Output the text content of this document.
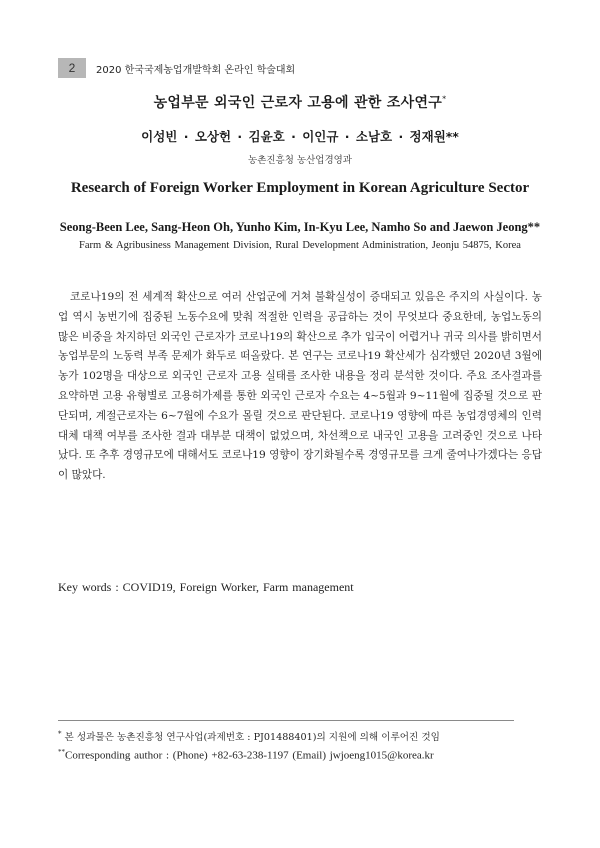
2	2020 한국국제농업개발학회 온라인 학술대회
농업부문 외국인 근로자 고용에 관한 조사연구*
이성빈 · 오상헌 · 김윤호 · 이인규 · 소남호 · 정재원**
농촌진흥청 농산업경영과
Research of Foreign Worker Employment in Korean Agriculture Sector
Seong-Been Lee, Sang-Heon Oh, Yunho Kim, In-Kyu Lee, Namho So and Jaewon Jeong**
Farm & Agribusiness Management Division, Rural Development Administration, Jeonju 54875, Korea

코로나19의 전 세계적 확산으로 여러 산업군에 거쳐 불확실성이 증대되고 있음은 주지의 사실이다. 농업 역시 농번기에 집중된 노동수요에 맞춰 적절한 인력을 공급하는 것이 무엇보다 중요한데, 농업노동의 많은 비중을 차지하던 외국인 근로자가 코로나19의 확산으로 추가 입국이 어렵거나 귀국 의사를 밝히면서 농업부문의 노동력 부족 문제가 화두로 떠올랐다. 본 연구는 코로나19 확산세가 심각했던 2020년 3월에 농가 102명을 대상으로 외국인 근로자 고용 실태를 조사한 내용을 정리 분석한 것이다. 주요 조사결과를 요약하면 고용 유형별로 고용허가제를 통한 외국인 근로자 수요는 4~5월과 9~11월에 집중될 것으로 판단되며, 계절근로자는 6~7월에 수요가 몰릴 것으로 판단된다. 코로나19 영향에 따른 농업경영체의 인력대체 대책 여부를 조사한 결과 대부분 대책이 없었으며, 차선책으로 내국인 고용을 고려중인 것으로 나타났다. 또 추후 경영규모에 대해서도 코로나19 영향이 장기화될수록 경영규모를 크게 줄여나가겠다는 응답이 많았다.

Key words : COVID19, Foreign Worker, Farm management
* 본 성과물은 농촌진흥청 연구사업(과제번호 : PJ01488401)의 지원에 의해 이루어진 것임
**Corresponding author : (Phone) +82-63-238-1197 (Email) jwjoeng1015@korea.kr
